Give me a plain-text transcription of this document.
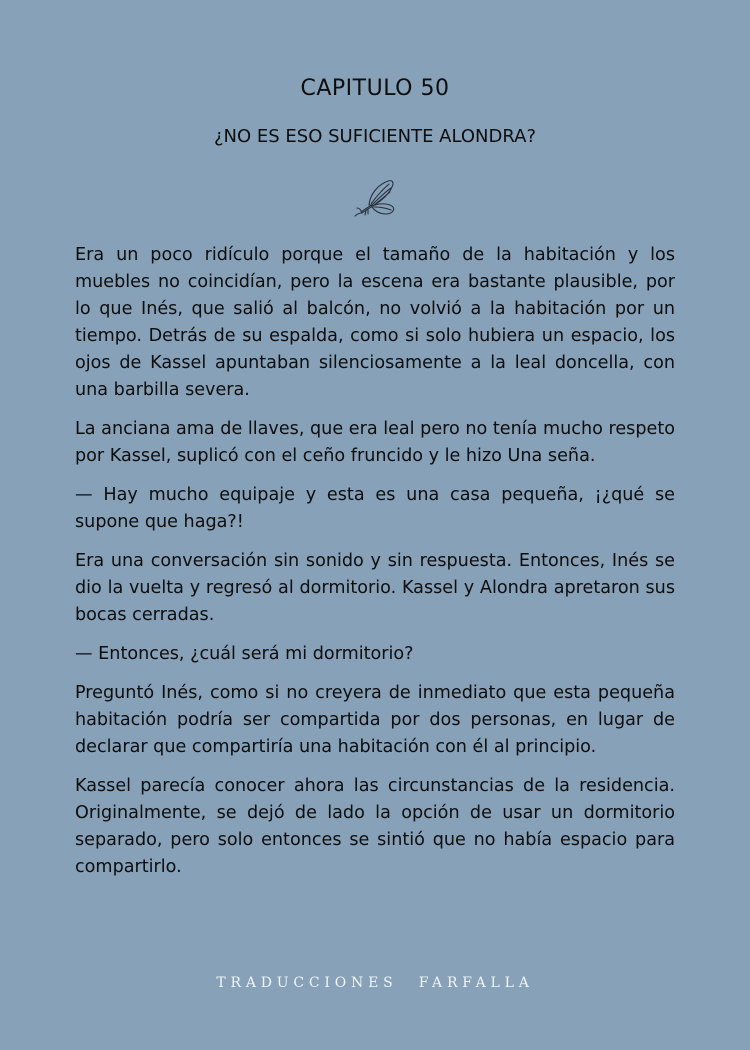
CAPITULO 50
¿NO ES ESO SUFICIENTE ALONDRA?

Era un poco ridículo porque el tamaño de la habitación y los muebles no coincidían, pero la escena era bastante plausible, por lo que Inés, que salió al balcón, no volvió a la habitación por un tiempo. Detrás de su espalda, como si solo hubiera un espacio, los ojos de Kassel apuntaban silenciosamente a la leal doncella, con una barbilla severa.

La anciana ama de llaves, que era leal pero no tenía mucho respeto por Kassel, suplicó con el ceño fruncido y le hizo Una seña.

— Hay mucho equipaje y esta es una casa pequeña, ¡¿qué se supone que haga?!

Era una conversación sin sonido y sin respuesta. Entonces, Inés se dio la vuelta y regresó al dormitorio. Kassel y Alondra apretaron sus bocas cerradas.

— Entonces, ¿cuál será mi dormitorio?

Preguntó Inés, como si no creyera de inmediato que esta pequeña habitación podría ser compartida por dos personas, en lugar de declarar que compartiría una habitación con él al principio.

Kassel parecía conocer ahora las circunstancias de la residencia. Originalmente, se dejó de lado la opción de usar un dormitorio separado, pero solo entonces se sintió que no había espacio para compartirlo.

TRADUCCIONES FARFALLA
